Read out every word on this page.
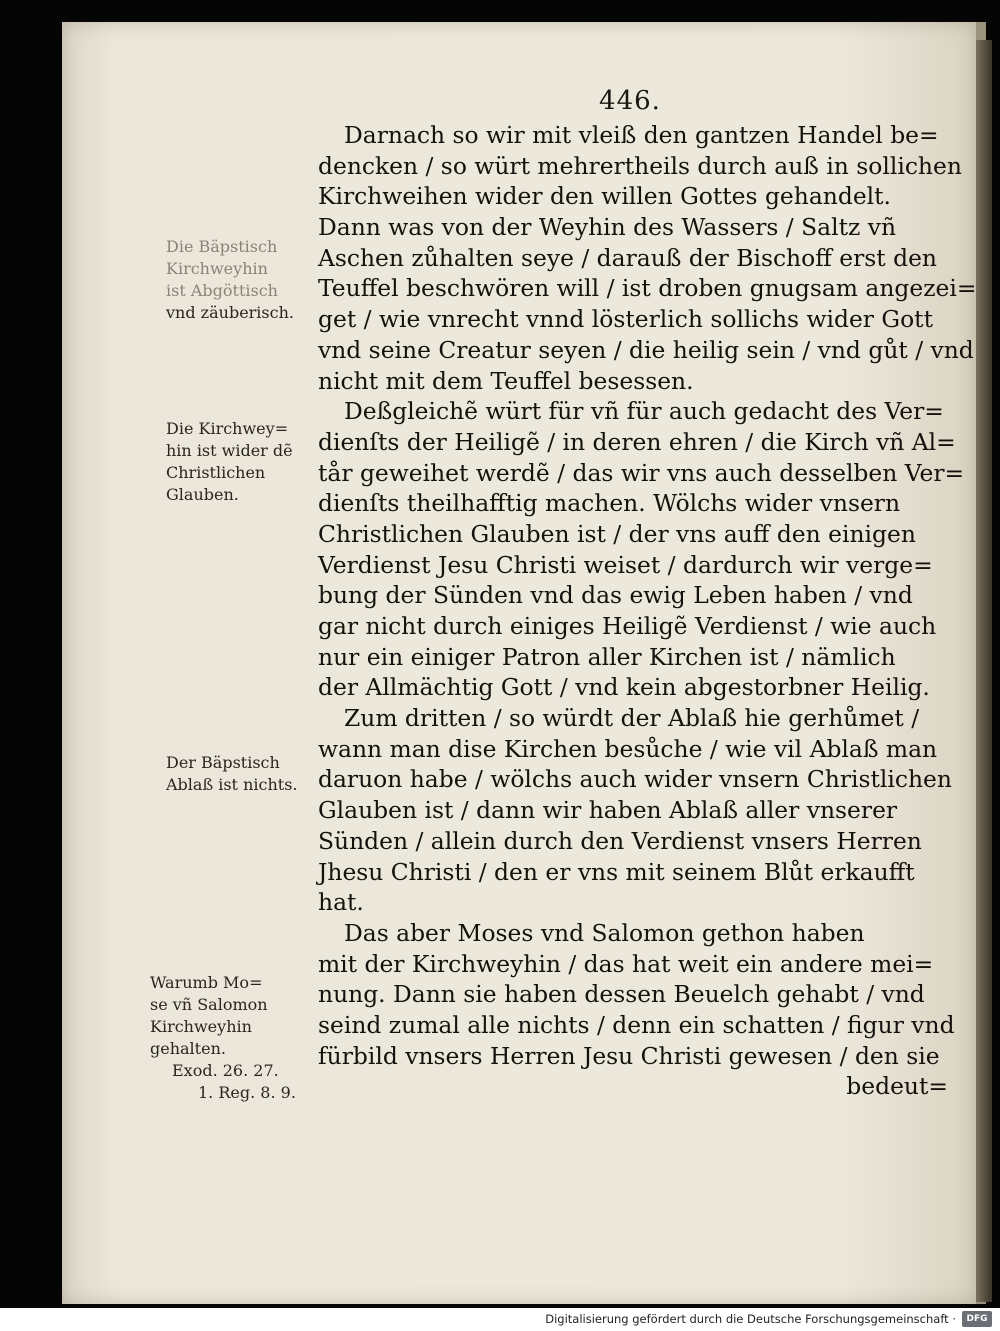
446.
Darnach so wir mit vleiß den gantzen Handel be=
dencken / so würt mehrertheils durch auß in sollichen
Kirchweihen wider den willen Gottes gehandelt.
Dann was von der Weyhin des Wassers / Saltz vñ
Aschen zůhalten seye / darauß der Bischoff erst den
Teuffel beschwören will / ist droben gnugsam angezei=
get / wie vnrecht vnnd lösterlich sollichs wider Gott
vnd seine Creatur seyen / die heilig sein / vnd gůt / vnd
nicht mit dem Teuffel besessen.
Deßgleichẽ würt für vñ für auch gedacht des Ver=
dienſts der Heiligẽ / in deren ehren / die Kirch vñ Al=
tår geweihet werdẽ / das wir vns auch desselben Ver=
dienſts theilhafftig machen. Wölchs wider vnsern
Christlichen Glauben ist / der vns auff den einigen
Verdienst Jesu Christi weiset / dardurch wir verge=
bung der Sünden vnd das ewig Leben haben / vnd
gar nicht durch einiges Heiligẽ Verdienst / wie auch
nur ein einiger Patron aller Kirchen ist / nämlich
der Allmächtig Gott / vnd kein abgestorbner Heilig.
Zum dritten / so würdt der Ablaß hie gerhůmet /
wann man dise Kirchen besůche / wie vil Ablaß man
daruon habe / wölchs auch wider vnsern Christlichen
Glauben ist / dann wir haben Ablaß aller vnserer
Sünden / allein durch den Verdienst vnsers Herren
Jhesu Christi / den er vns mit seinem Blůt erkaufft
hat.
Das aber Moses vnd Salomon gethon haben
mit der Kirchweyhin / das hat weit ein andere mei=
nung. Dann sie haben dessen Beuelch gehabt / vnd
seind zumal alle nichts / denn ein schatten / figur vnd
fürbild vnsers Herren Jesu Christi gewesen / den sie
bedeut=
Die Bäpstisch
Kirchweyhin
ist Abgöttisch
vnd zäuberisch.
Die Kirchwey=
hin ist wider dẽ
Christlichen
Glauben.
Der Bäpstisch
Ablaß ist nichts.
Warumb Mo=
se vñ Salomon
Kirchweyhin
gehalten.
Exod. 26. 27.
1. Reg. 8. 9.
Digitalisierung gefördert durch die Deutsche Forschungsgemeinschaft ·	DFG
